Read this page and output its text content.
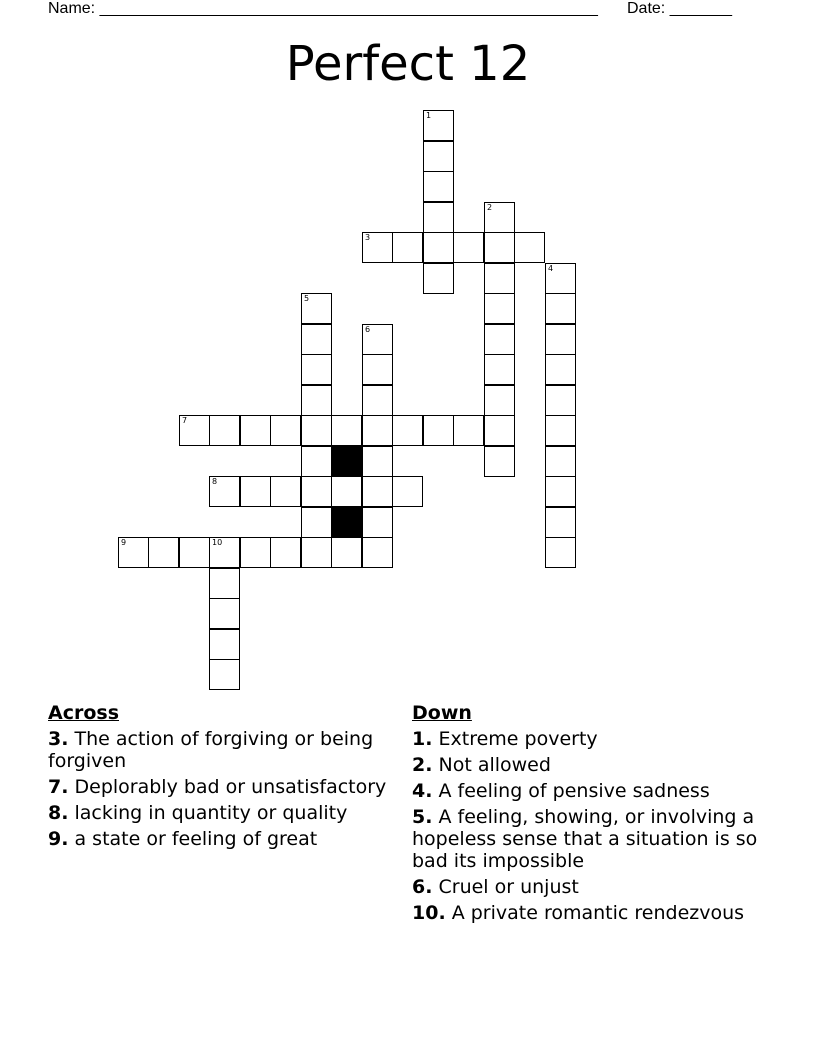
Name: ________________________________________________________ Date: _______
Perfect 12
1
2
3
4
5
6
7
8
9	10
Across
3. The action of forgiving or being forgiven
7. Deplorably bad or unsatisfactory
8. lacking in quantity or quality
9. a state or feeling of great
Down
1. Extreme poverty
2. Not allowed
4. A feeling of pensive sadness
5. A feeling, showing, or involving a hopeless sense that a situation is so bad its impossible
6. Cruel or unjust
10. A private romantic rendezvous
